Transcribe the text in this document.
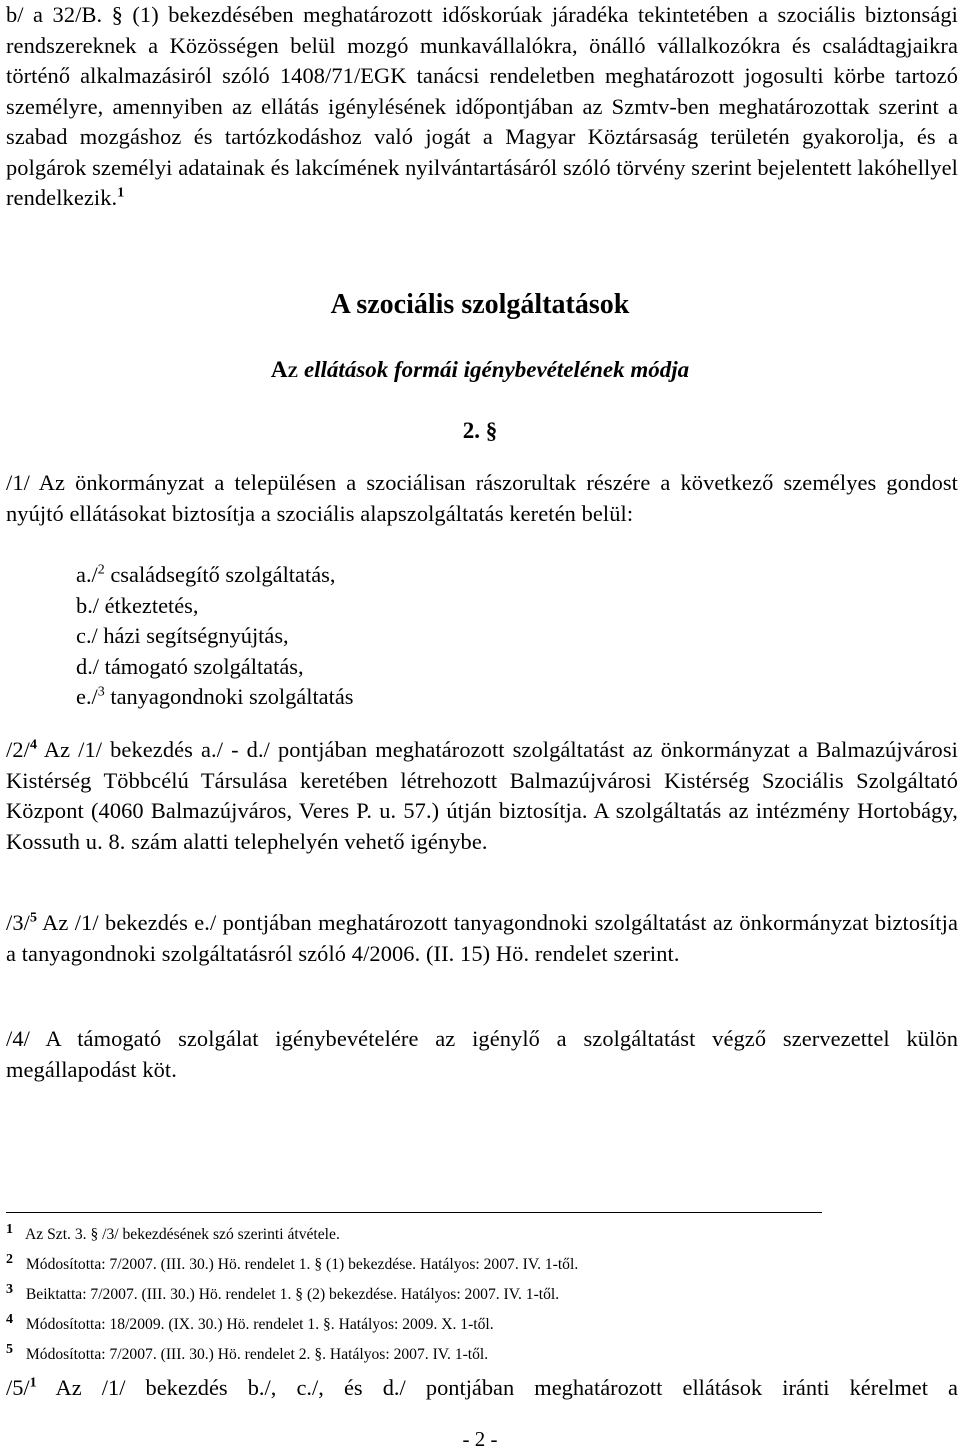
b/ a 32/B. § (1) bekezdésében meghatározott időskorúak járadéka tekintetében a szociális biztonsági rendszereknek a Közösségen belül mozgó munkavállalókra, önálló vállalkozókra és családtagjaikra történő alkalmazásiról szóló 1408/71/EGK tanácsi rendeletben meghatározott jogosulti körbe tartozó személyre, amennyiben az ellátás igénylésének időpontjában az Szmtv-ben meghatározottak szerint a szabad mozgáshoz és tartózkodáshoz való jogát a Magyar Köztársaság területén gyakorolja, és a polgárok személyi adatainak és lakcímének nyilvántartásáról szóló törvény szerint bejelentett lakóhellyel rendelkezik.$^1$
A szociális szolgáltatások
Az ellátások formái igénybevételének módja
2. §
/1/ Az önkormányzat a településen a szociálisan rászorultak részére a következő személyes gondost nyújtó ellátásokat biztosítja a szociális alapszolgáltatás keretén belül:
a./$^2$ családsegítő szolgáltatás,
b./ étkeztetés,
c./ házi segítségnyújtás,
d./ támogató szolgáltatás,
e./$^3$ tanyagondnoki szolgáltatás
/2/$^4$ Az /1/ bekezdés a./ - d./ pontjában meghatározott szolgáltatást az önkormányzat a Balmazújvárosi Kistérség Többcélú Társulása keretében létrehozott Balmazújvárosi Kistérség Szociális Szolgáltató Központ (4060 Balmazújváros, Veres P. u. 57.) útján biztosítja. A szolgáltatás az intézmény Hortobágy, Kossuth u. 8. szám alatti telephelyén vehető igénybe.
/3/$^5$ Az /1/ bekezdés e./ pontjában meghatározott tanyagondnoki szolgáltatást az önkormányzat biztosítja a tanyagondnoki szolgáltatásról szóló 4/2006. (II. 15) Hö. rendelet szerint.
/4/ A támogató szolgálat igénybevételére az igénylő a szolgáltatást végző szervezettel külön megállapodást köt.
1 Az Szt. 3. § /3/ bekezdésének szó szerinti átvétele.
2 Módosította: 7/2007. (III. 30.) Hö. rendelet 1. § (1) bekezdése. Hatályos: 2007. IV. 1-től.
3 Beiktatta: 7/2007. (III. 30.) Hö. rendelet 1. § (2) bekezdése. Hatályos: 2007. IV. 1-től.
4 Módosította: 18/2009. (IX. 30.) Hö. rendelet 1. §. Hatályos: 2009. X. 1-től.
5 Módosította: 7/2007. (III. 30.) Hö. rendelet 2. §. Hatályos: 2007. IV. 1-től.
/5/$^1$ Az /1/ bekezdés b./, c./, és d./ pontjában meghatározott ellátások iránti kérelmet a
- 2 -
